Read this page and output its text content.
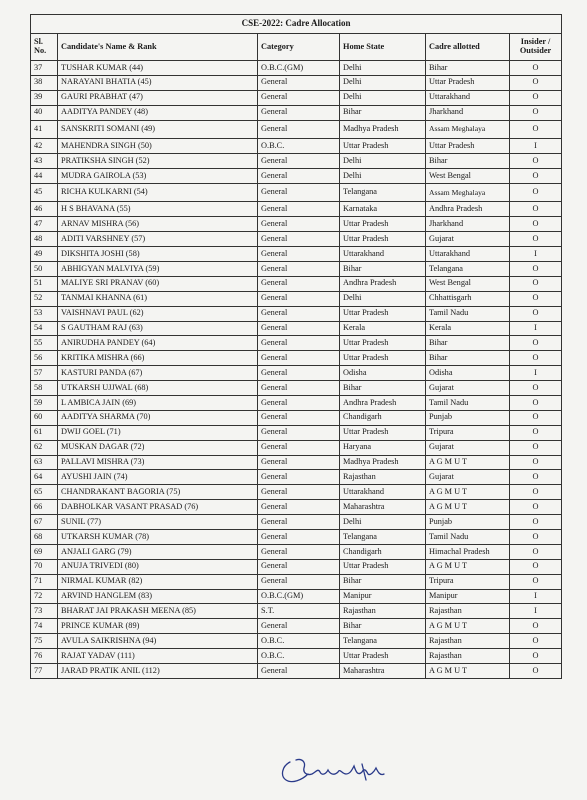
CSE-2022: Cadre Allocation					
Sl. No.	Candidate's Name & Rank	Category	Home State	Cadre allotted	Insider / Outsider
37	TUSHAR KUMAR (44)	O.B.C.(GM)	Delhi	Bihar	O
38	NARAYANI BHATIA (45)	General	Delhi	Uttar Pradesh	O
39	GAURI PRABHAT (47)	General	Delhi	Uttarakhand	O
40	AADITYA PANDEY (48)	General	Bihar	Jharkhand	O
41	SANSKRITI SOMANI (49)	General	Madhya Pradesh	Assam Meghalaya	O
42	MAHENDRA SINGH (50)	O.B.C.	Uttar Pradesh	Uttar Pradesh	I
43	PRATIKSHA SINGH (52)	General	Delhi	Bihar	O
44	MUDRA GAIROLA (53)	General	Delhi	West Bengal	O
45	RICHA KULKARNI (54)	General	Telangana	Assam Meghalaya	O
46	H S BHAVANA (55)	General	Karnataka	Andhra Pradesh	O
47	ARNAV MISHRA (56)	General	Uttar Pradesh	Jharkhand	O
48	ADITI VARSHNEY (57)	General	Uttar Pradesh	Gujarat	O
49	DIKSHITA JOSHI (58)	General	Uttarakhand	Uttarakhand	I
50	ABHIGYAN MALVIYA (59)	General	Bihar	Telangana	O
51	MALIYE SRI PRANAV (60)	General	Andhra Pradesh	West Bengal	O
52	TANMAI KHANNA (61)	General	Delhi	Chhattisgarh	O
53	VAISHNAVI PAUL (62)	General	Uttar Pradesh	Tamil Nadu	O
54	S GAUTHAM RAJ (63)	General	Kerala	Kerala	I
55	ANIRUDHA PANDEY (64)	General	Uttar Pradesh	Bihar	O
56	KRITIKA MISHRA (66)	General	Uttar Pradesh	Bihar	O
57	KASTURI PANDA (67)	General	Odisha	Odisha	I
58	UTKARSH UJJWAL (68)	General	Bihar	Gujarat	O
59	L AMBICA JAIN (69)	General	Andhra Pradesh	Tamil Nadu	O
60	AADITYA SHARMA (70)	General	Chandigarh	Punjab	O
61	DWIJ GOEL (71)	General	Uttar Pradesh	Tripura	O
62	MUSKAN DAGAR (72)	General	Haryana	Gujarat	O
63	PALLAVI MISHRA (73)	General	Madhya Pradesh	A G M U T	O
64	AYUSHI JAIN (74)	General	Rajasthan	Gujarat	O
65	CHANDRAKANT BAGORIA (75)	General	Uttarakhand	A G M U T	O
66	DABHOLKAR VASANT PRASAD (76)	General	Maharashtra	A G M U T	O
67	SUNIL (77)	General	Delhi	Punjab	O
68	UTKARSH KUMAR (78)	General	Telangana	Tamil Nadu	O
69	ANJALI GARG (79)	General	Chandigarh	Himachal Pradesh	O
70	ANUJA TRIVEDI (80)	General	Uttar Pradesh	A G M U T	O
71	NIRMAL KUMAR (82)	General	Bihar	Tripura	O
72	ARVIND HANGLEM (83)	O.B.C.(GM)	Manipur	Manipur	I
73	BHARAT JAI PRAKASH MEENA (85)	S.T.	Rajasthan	Rajasthan	I
74	PRINCE KUMAR (89)	General	Bihar	A G M U T	O
75	AVULA SAIKRISHNA (94)	O.B.C.	Telangana	Rajasthan	O
76	RAJAT YADAV (111)	O.B.C.	Uttar Pradesh	Rajasthan	O
77	JARAD PRATIK ANIL (112)	General	Maharashtra	A G M U T	O
